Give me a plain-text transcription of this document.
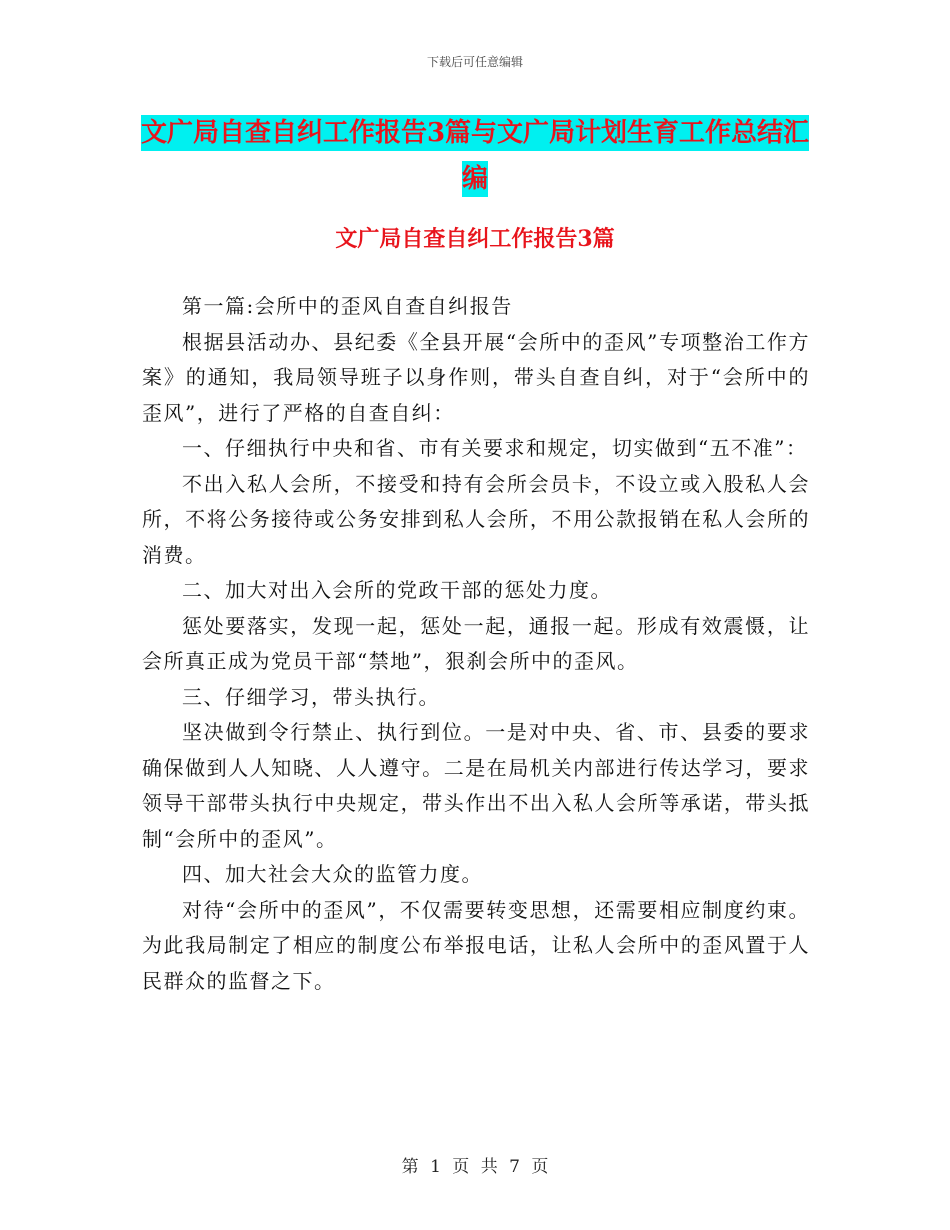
下载后可任意编辑
文广局自查自纠工作报告3篇与文广局计划生育工作总结汇编
文广局自查自纠工作报告3篇

第一篇:会所中的歪风自查自纠报告

根据县活动办、县纪委《全县开展“会所中的歪风”专项整治工作方案》的通知，我局领导班子以身作则，带头自查自纠，对于“会所中的歪风”，进行了严格的自查自纠：

一、仔细执行中央和省、市有关要求和规定，切实做到“五不准”：

不出入私人会所，不接受和持有会所会员卡，不设立或入股私人会所，不将公务接待或公务安排到私人会所，不用公款报销在私人会所的消费。

二、加大对出入会所的党政干部的惩处力度。

惩处要落实，发现一起，惩处一起，通报一起。形成有效震慑，让会所真正成为党员干部“禁地”，狠刹会所中的歪风。

三、仔细学习，带头执行。

坚决做到令行禁止、执行到位。一是对中央、省、市、县委的要求确保做到人人知晓、人人遵守。二是在局机关内部进行传达学习，要求领导干部带头执行中央规定，带头作出不出入私人会所等承诺，带头抵制“会所中的歪风”。

四、加大社会大众的监管力度。

对待“会所中的歪风”，不仅需要转变思想，还需要相应制度约束。为此我局制定了相应的制度公布举报电话，让私人会所中的歪风置于人民群众的监督之下。

第 1 页 共 7 页
